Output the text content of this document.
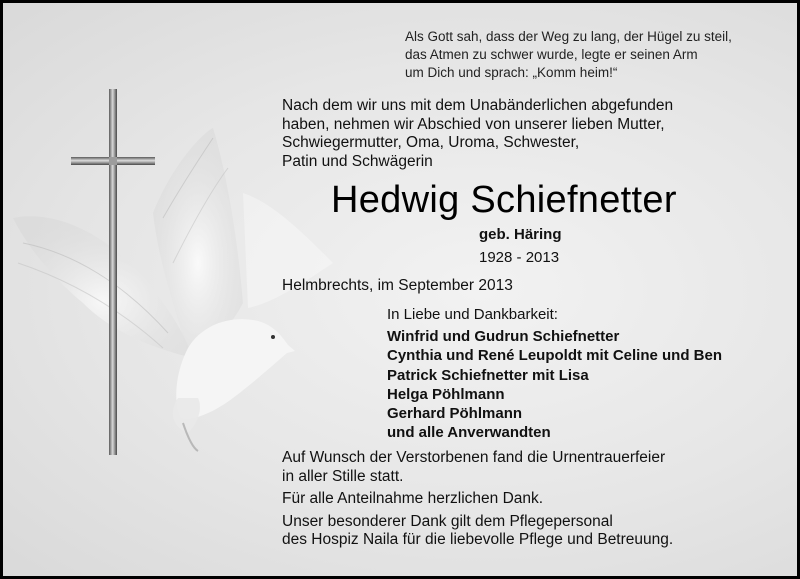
Als Gott sah, dass der Weg zu lang, der Hügel zu steil,
das Atmen zu schwer wurde, legte er seinen Arm
um Dich und sprach: „Komm heim!“
Nach dem wir uns mit dem Unabänderlichen abgefunden
haben, nehmen wir Abschied von unserer lieben Mutter,
Schwiegermutter, Oma, Uroma, Schwester,
Patin und Schwägerin
Hedwig Schiefnetter
geb. Häring
1928 - 2013
Helmbrechts, im September 2013
In Liebe und Dankbarkeit:
Winfrid und Gudrun Schiefnetter
Cynthia und René Leupoldt mit Celine und Ben
Patrick Schiefnetter mit Lisa
Helga Pöhlmann
Gerhard Pöhlmann
und alle Anverwandten

Auf Wunsch der Verstorbenen fand die Urnentrauerfeier
in aller Stille statt.

Für alle Anteilnahme herzlichen Dank.

Unser besonderer Dank gilt dem Pflegepersonal
des Hospiz Naila für die liebevolle Pflege und Betreuung.
